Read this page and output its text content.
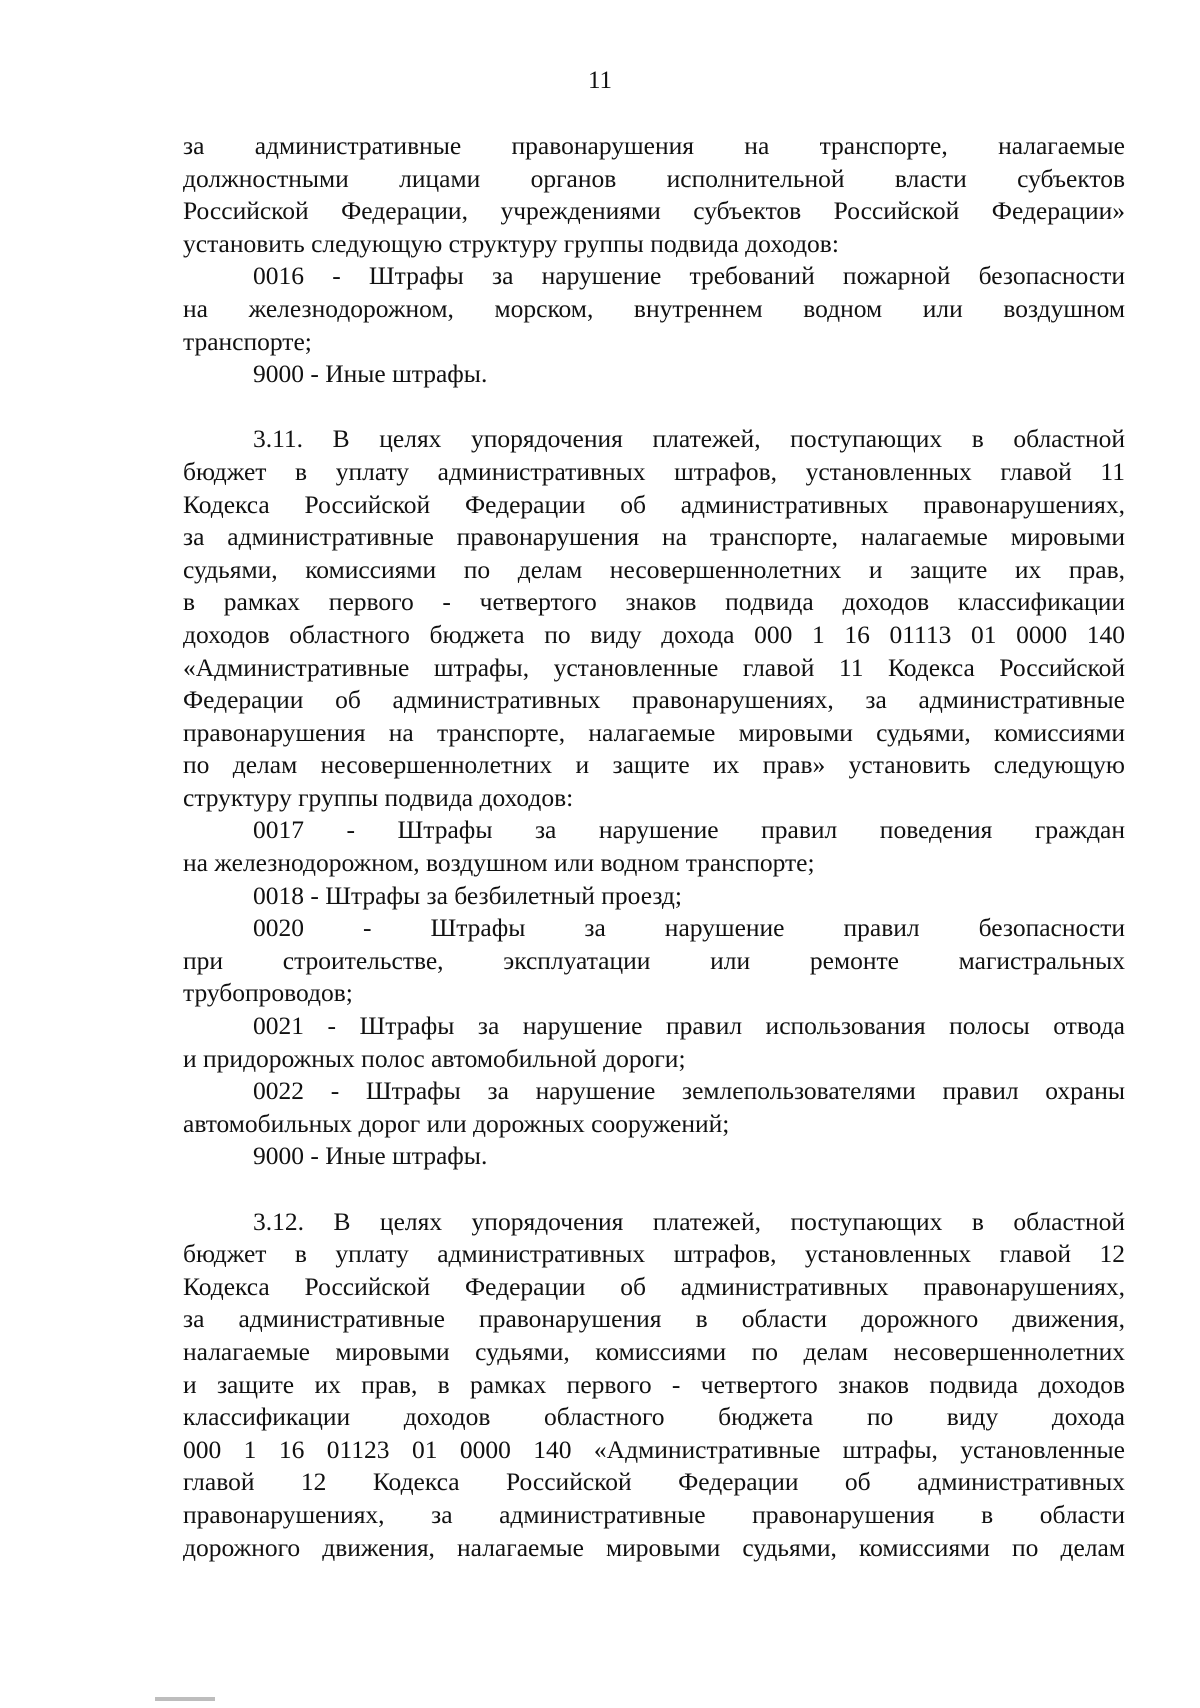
11
за административные правонарушения на транспорте, налагаемые
должностными лицами органов исполнительной власти субъектов
Российской Федерации, учреждениями субъектов Российской Федерации»
установить следующую структуру группы подвида доходов:
0016 - Штрафы за нарушение требований пожарной безопасности
на железнодорожном, морском, внутреннем водном или воздушном
транспорте;
9000 - Иные штрафы.
3.11. В целях упорядочения платежей, поступающих в областной
бюджет в уплату административных штрафов, установленных главой 11
Кодекса Российской Федерации об административных правонарушениях,
за административные правонарушения на транспорте, налагаемые мировыми
судьями, комиссиями по делам несовершеннолетних и защите их прав,
в рамках первого - четвертого знаков подвида доходов классификации
доходов областного бюджета по виду дохода 000 1 16 01113 01 0000 140
«Административные штрафы, установленные главой 11 Кодекса Российской
Федерации об административных правонарушениях, за административные
правонарушения на транспорте, налагаемые мировыми судьями, комиссиями
по делам несовершеннолетних и защите их прав» установить следующую
структуру группы подвида доходов:
0017 - Штрафы за нарушение правил поведения граждан
на железнодорожном, воздушном или водном транспорте;
0018 - Штрафы за безбилетный проезд;
0020 - Штрафы за нарушение правил безопасности
при строительстве, эксплуатации или ремонте магистральных
трубопроводов;
0021 - Штрафы за нарушение правил использования полосы отвода
и придорожных полос автомобильной дороги;
0022 - Штрафы за нарушение землепользователями правил охраны
автомобильных дорог или дорожных сооружений;
9000 - Иные штрафы.
3.12. В целях упорядочения платежей, поступающих в областной
бюджет в уплату административных штрафов, установленных главой 12
Кодекса Российской Федерации об административных правонарушениях,
за административные правонарушения в области дорожного движения,
налагаемые мировыми судьями, комиссиями по делам несовершеннолетних
и защите их прав, в рамках первого - четвертого знаков подвида доходов
классификации доходов областного бюджета по виду дохода
000 1 16 01123 01 0000 140 «Административные штрафы, установленные
главой 12 Кодекса Российской Федерации об административных
правонарушениях, за административные правонарушения в области
дорожного движения, налагаемые мировыми судьями, комиссиями по делам
